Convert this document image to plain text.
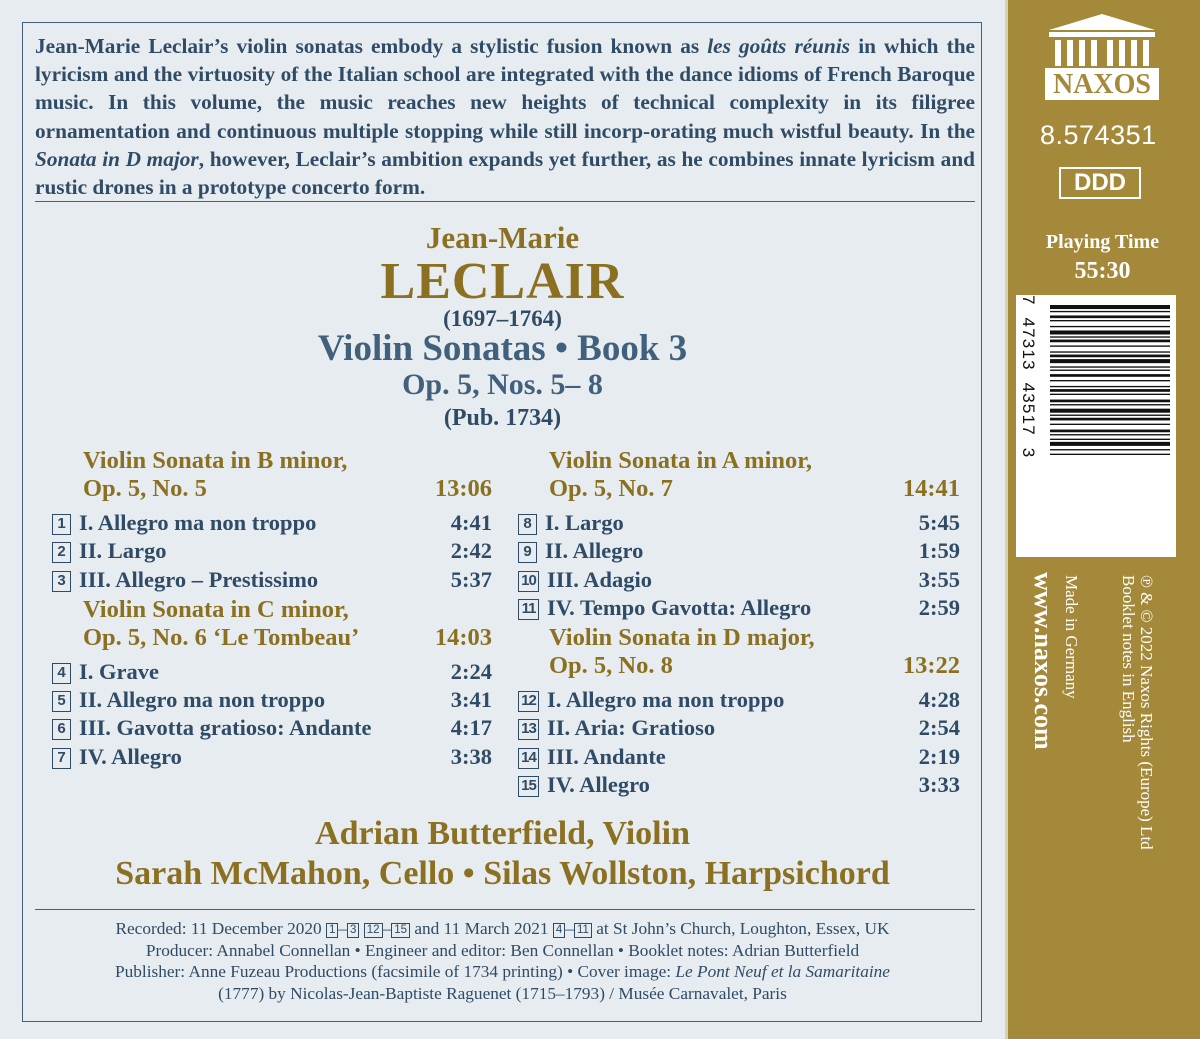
Jean-Marie Leclair’s violin sonatas embody a stylistic fusion known as les goûts réunis in which the lyricism and the virtuosity of the Italian school are integrated with the dance idioms of French Baroque music. In this volume, the music reaches new heights of technical complexity in its filigree ornamentation and continuous multiple stopping while still incorp-orating much wistful beauty. In the Sonata in D major, however, Leclair’s ambition expands yet further, as he combines innate lyricism and rustic drones in a prototype concerto form.
Jean-Marie
LECLAIR
(1697–1764)
Violin Sonatas • Book 3
Op. 5, Nos. 5– 8
(Pub. 1734)
Violin Sonata in B minor,
Op. 5, No. 5	13:06
1 I. Allegro ma non troppo	4:41
2 II. Largo	2:42
3 III. Allegro – Prestissimo	5:37
Violin Sonata in C minor,
Op. 5, No. 6 ‘Le Tombeau’	14:03
4 I. Grave	2:24
5 II. Allegro ma non troppo	3:41
6 III. Gavotta gratioso: Andante	4:17
7 IV. Allegro	3:38
Violin Sonata in A minor,
Op. 5, No. 7	14:41
8 I. Largo	5:45
9 II. Allegro	1:59
10 III. Adagio	3:55
11 IV. Tempo Gavotta: Allegro	2:59
Violin Sonata in D major,
Op. 5, No. 8	13:22
12 I. Allegro ma non troppo	4:28
13 II. Aria: Gratioso	2:54
14 III. Andante	2:19
15 IV. Allegro	3:33
Adrian Butterfield, Violin
Sarah McMahon, Cello • Silas Wollston, Harpsichord
Recorded: 11 December 2020 1 – 3 12 – 15 and 11 March 2021 4 – 11 at St John’s Church, Loughton, Essex, UK
Producer: Annabel Connellan • Engineer and editor: Ben Connellan • Booklet notes: Adrian Butterfield
Publisher: Anne Fuzeau Productions (facsimile of 1734 printing) • Cover image: Le Pont Neuf et la Samaritaine
(1777) by Nicolas-Jean-Baptiste Raguenet (1715–1793) / Musée Carnavalet, Paris
NAXOS
8.574351
DDD
Playing Time
55:30
7  47313  43517  3
www.naxos.com Made in Germany	℗ & © 2022 Naxos Rights (Europe) Ltd
Booklet notes in English
